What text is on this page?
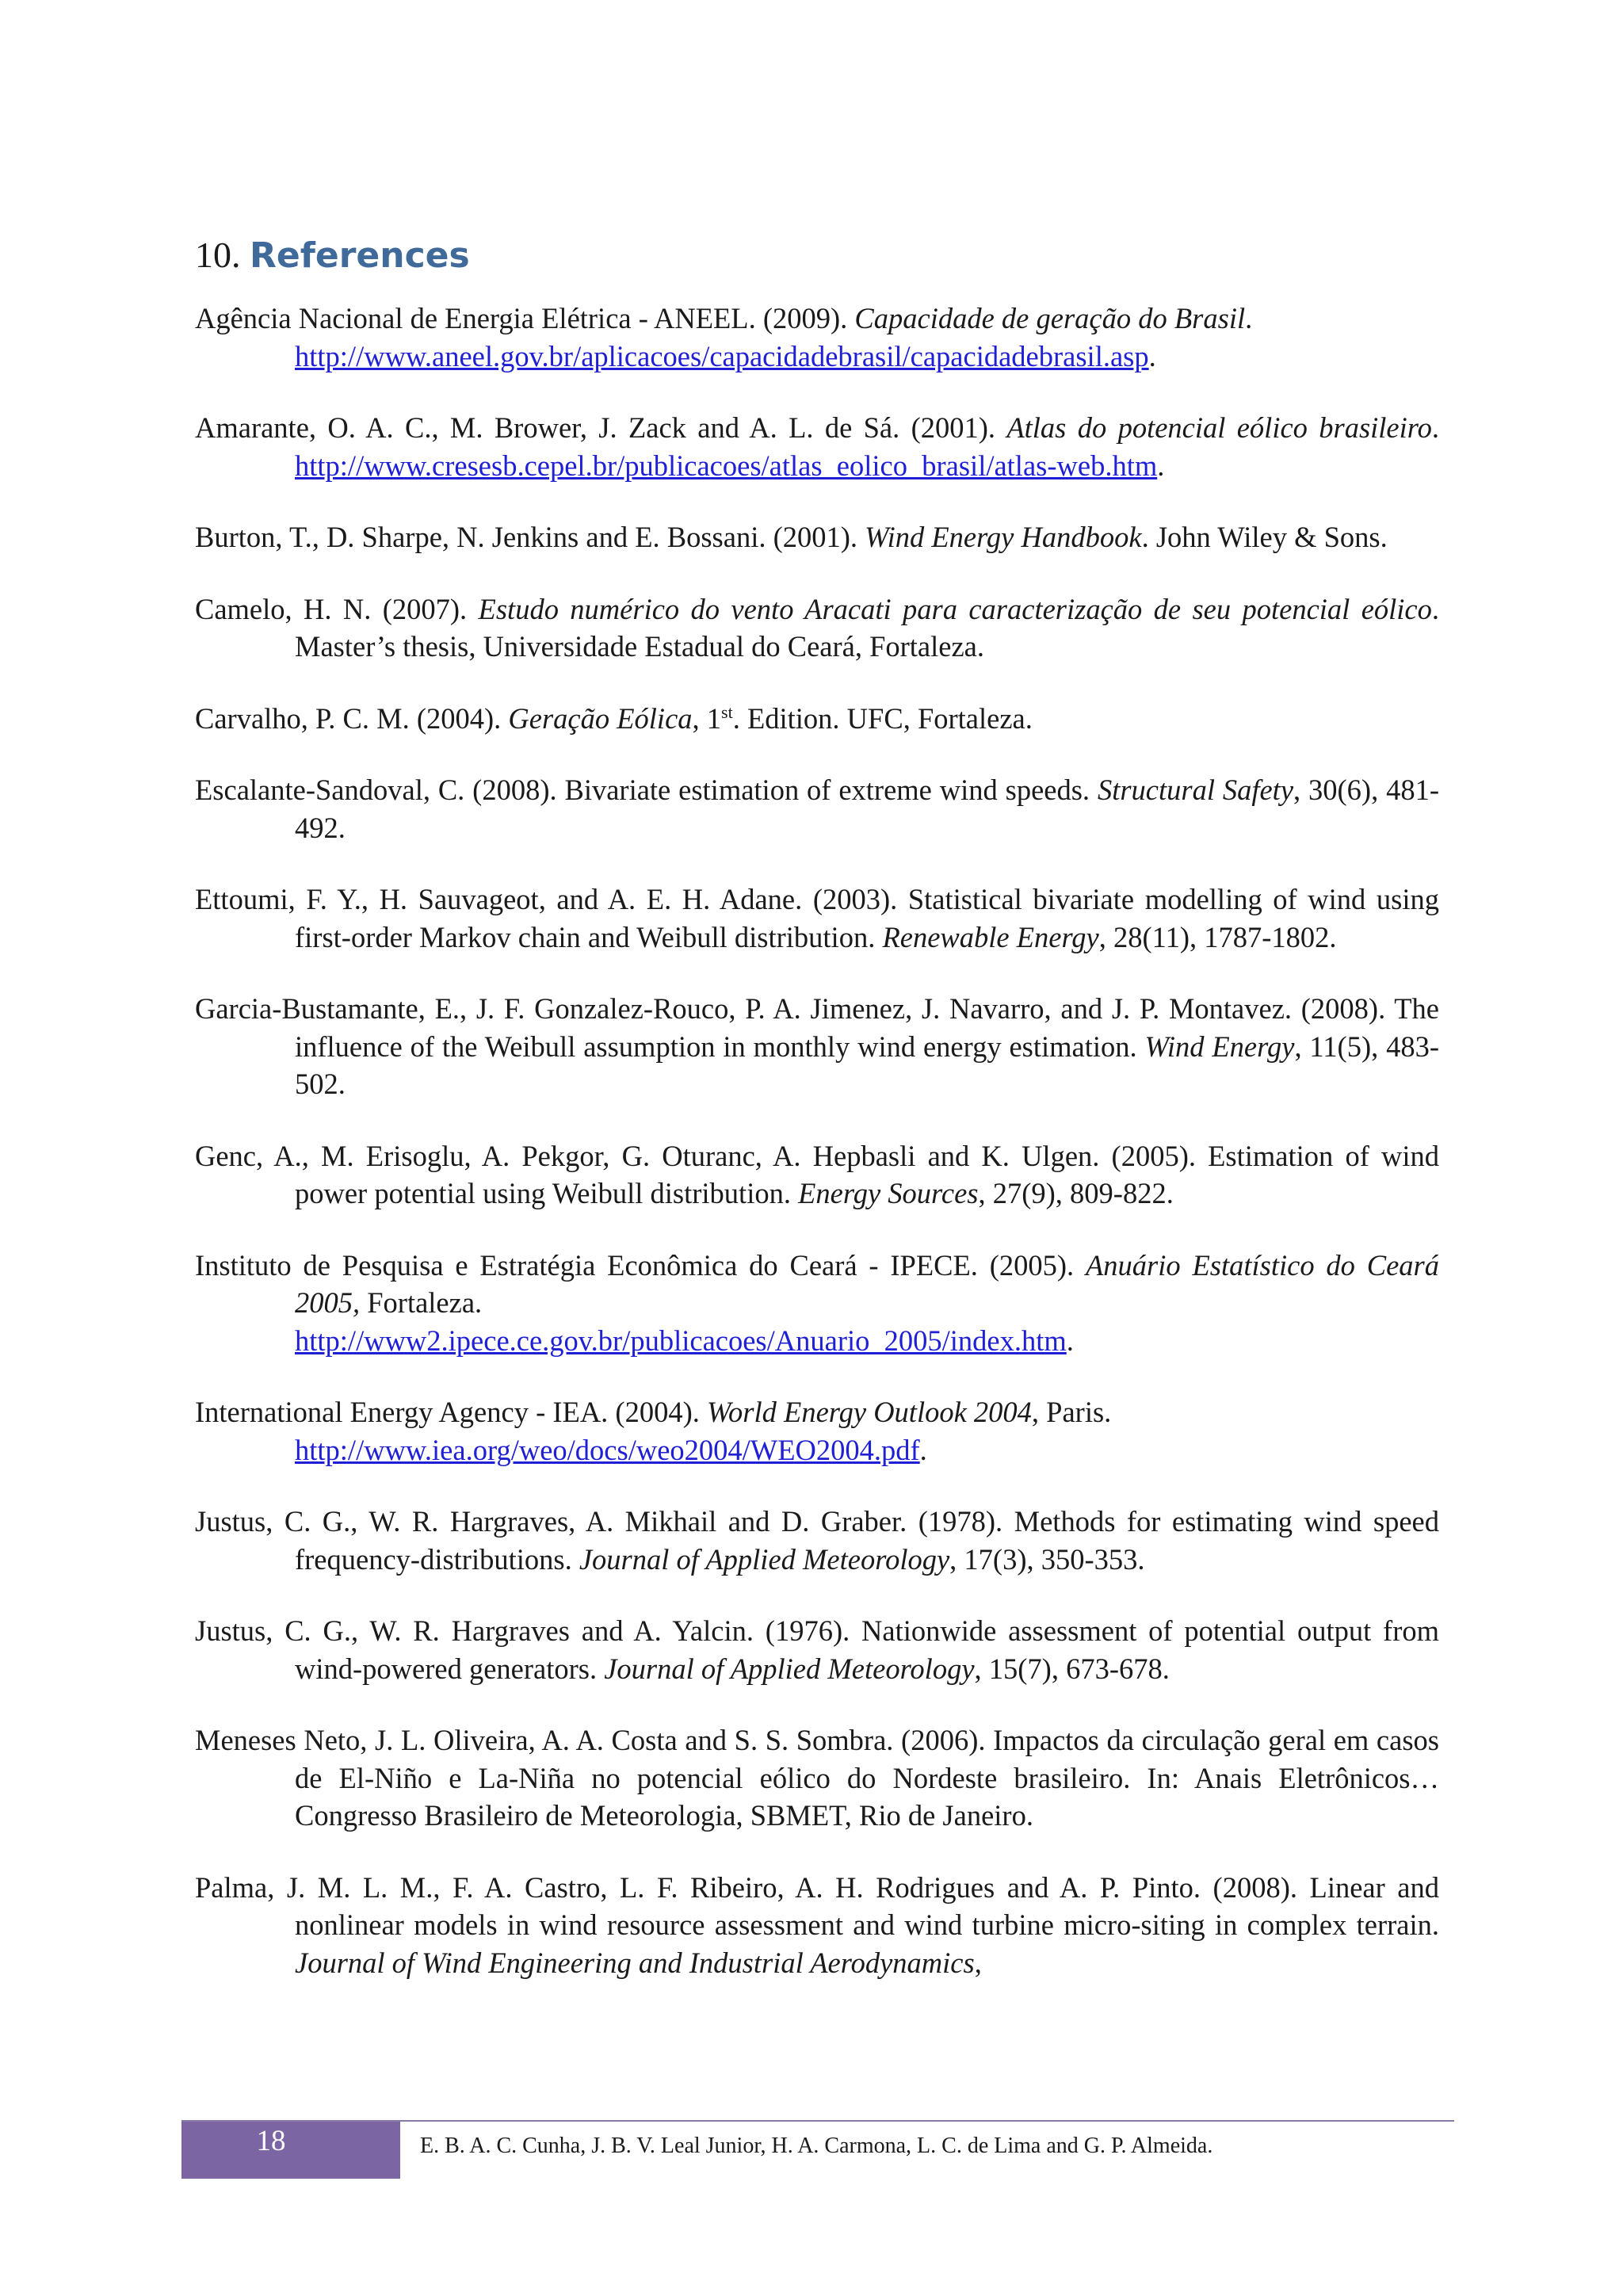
10. References

Agência Nacional de Energia Elétrica - ANEEL. (2009). Capacidade de geração do Brasil.
http://www.aneel.gov.br/aplicacoes/capacidadebrasil/capacidadebrasil.asp.

Amarante, O. A. C., M. Brower, J. Zack and A. L. de Sá. (2001). Atlas do potencial eólico brasileiro. http://www.cresesb.cepel.br/publicacoes/atlas_eolico_brasil/atlas-web.htm.

Burton, T., D. Sharpe, N. Jenkins and E. Bossani. (2001). Wind Energy Handbook. John Wiley & Sons.

Camelo, H. N. (2007). Estudo numérico do vento Aracati para caracterização de seu potencial eólico. Master’s thesis, Universidade Estadual do Ceará, Fortaleza.

Carvalho, P. C. M. (2004). Geração Eólica, 1st. Edition. UFC, Fortaleza.

Escalante-Sandoval, C. (2008). Bivariate estimation of extreme wind speeds. Structural Safety, 30(6), 481-492.

Ettoumi, F. Y., H. Sauvageot, and A. E. H. Adane. (2003). Statistical bivariate modelling of wind using first-order Markov chain and Weibull distribution. Renewable Energy, 28(11), 1787-1802.

Garcia-Bustamante, E., J. F. Gonzalez-Rouco, P. A. Jimenez, J. Navarro, and J. P. Montavez. (2008). The influence of the Weibull assumption in monthly wind energy estimation. Wind Energy, 11(5), 483-502.

Genc, A., M. Erisoglu, A. Pekgor, G. Oturanc, A. Hepbasli and K. Ulgen. (2005). Estimation of wind power potential using Weibull distribution. Energy Sources, 27(9), 809-822.

Instituto de Pesquisa e Estratégia Econômica do Ceará - IPECE. (2005). Anuário Estatístico do Ceará 2005, Fortaleza.
http://www2.ipece.ce.gov.br/publicacoes/Anuario_2005/index.htm.

International Energy Agency - IEA. (2004). World Energy Outlook 2004, Paris.
http://www.iea.org/weo/docs/weo2004/WEO2004.pdf.

Justus, C. G., W. R. Hargraves, A. Mikhail and D. Graber. (1978). Methods for estimating wind speed frequency-distributions. Journal of Applied Meteorology, 17(3), 350-353.

Justus, C. G., W. R. Hargraves and A. Yalcin. (1976). Nationwide assessment of potential output from wind-powered generators. Journal of Applied Meteorology, 15(7), 673-678.

Meneses Neto, J. L. Oliveira, A. A. Costa and S. S. Sombra. (2006). Impactos da circulação geral em casos de El-Niño e La-Niña no potencial eólico do Nordeste brasileiro. In: Anais Eletrônicos… Congresso Brasileiro de Meteorologia, SBMET, Rio de Janeiro.

Palma, J. M. L. M., F. A. Castro, L. F. Ribeiro, A. H. Rodrigues and A. P. Pinto. (2008). Linear and nonlinear models in wind resource assessment and wind turbine micro-siting in complex terrain. Journal of Wind Engineering and Industrial Aerodynamics,

18	E. B. A. C. Cunha, J. B. V. Leal Junior, H. A. Carmona, L. C. de Lima and G. P. Almeida.
